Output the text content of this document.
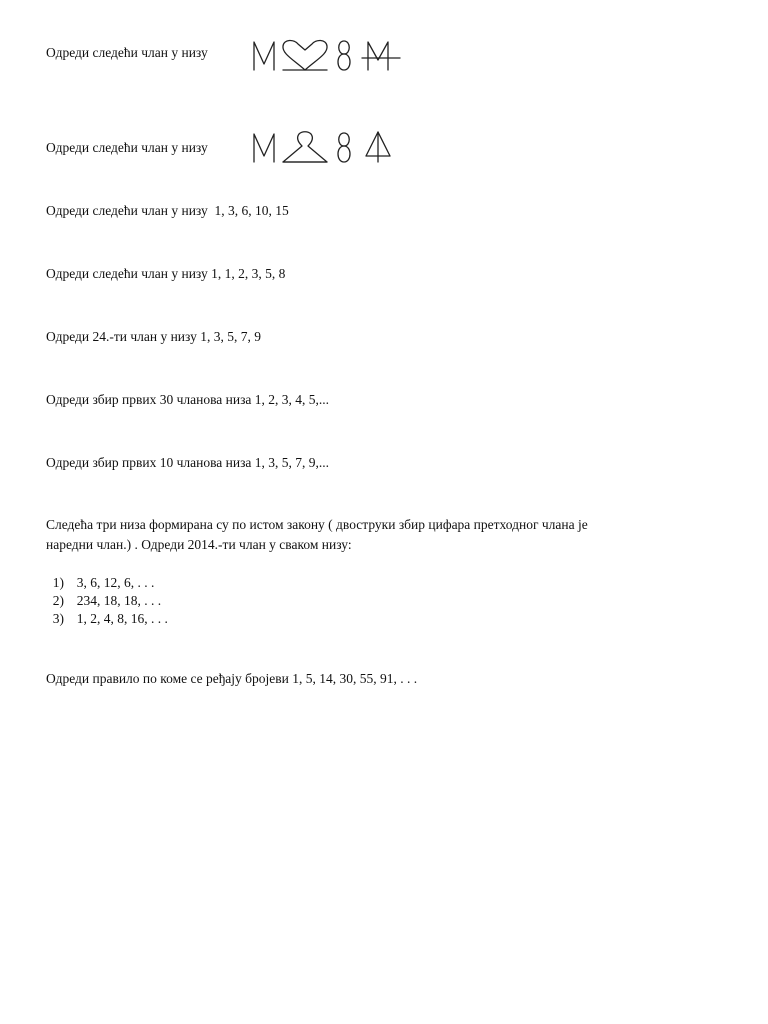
Одреди следећи члан у низу
Одреди следећи члан у низу
Одреди следећи члан у низу  1, 3, 6, 10, 15
Одреди следећи члан у низу 1, 1, 2, 3, 5, 8
Одреди 24.-ти члан у низу 1, 3, 5, 7, 9
Одреди збир првих 30 чланова низа 1, 2, 3, 4, 5,...
Одреди збир првих 10 чланова низа 1, 3, 5, 7, 9,...
Следећа три низа формирана су по истом закону ( двоструки збир цифара претходног члана је
наредни члан.) . Одреди 2014.-ти члан у сваком низу:

1) 3, 6, 12, 6, . . .

2) 234, 18, 18, . . .

3) 1, 2, 4, 8, 16, . . .

Одреди правило по коме се ређају бројеви 1, 5, 14, 30, 55, 91, . . .
